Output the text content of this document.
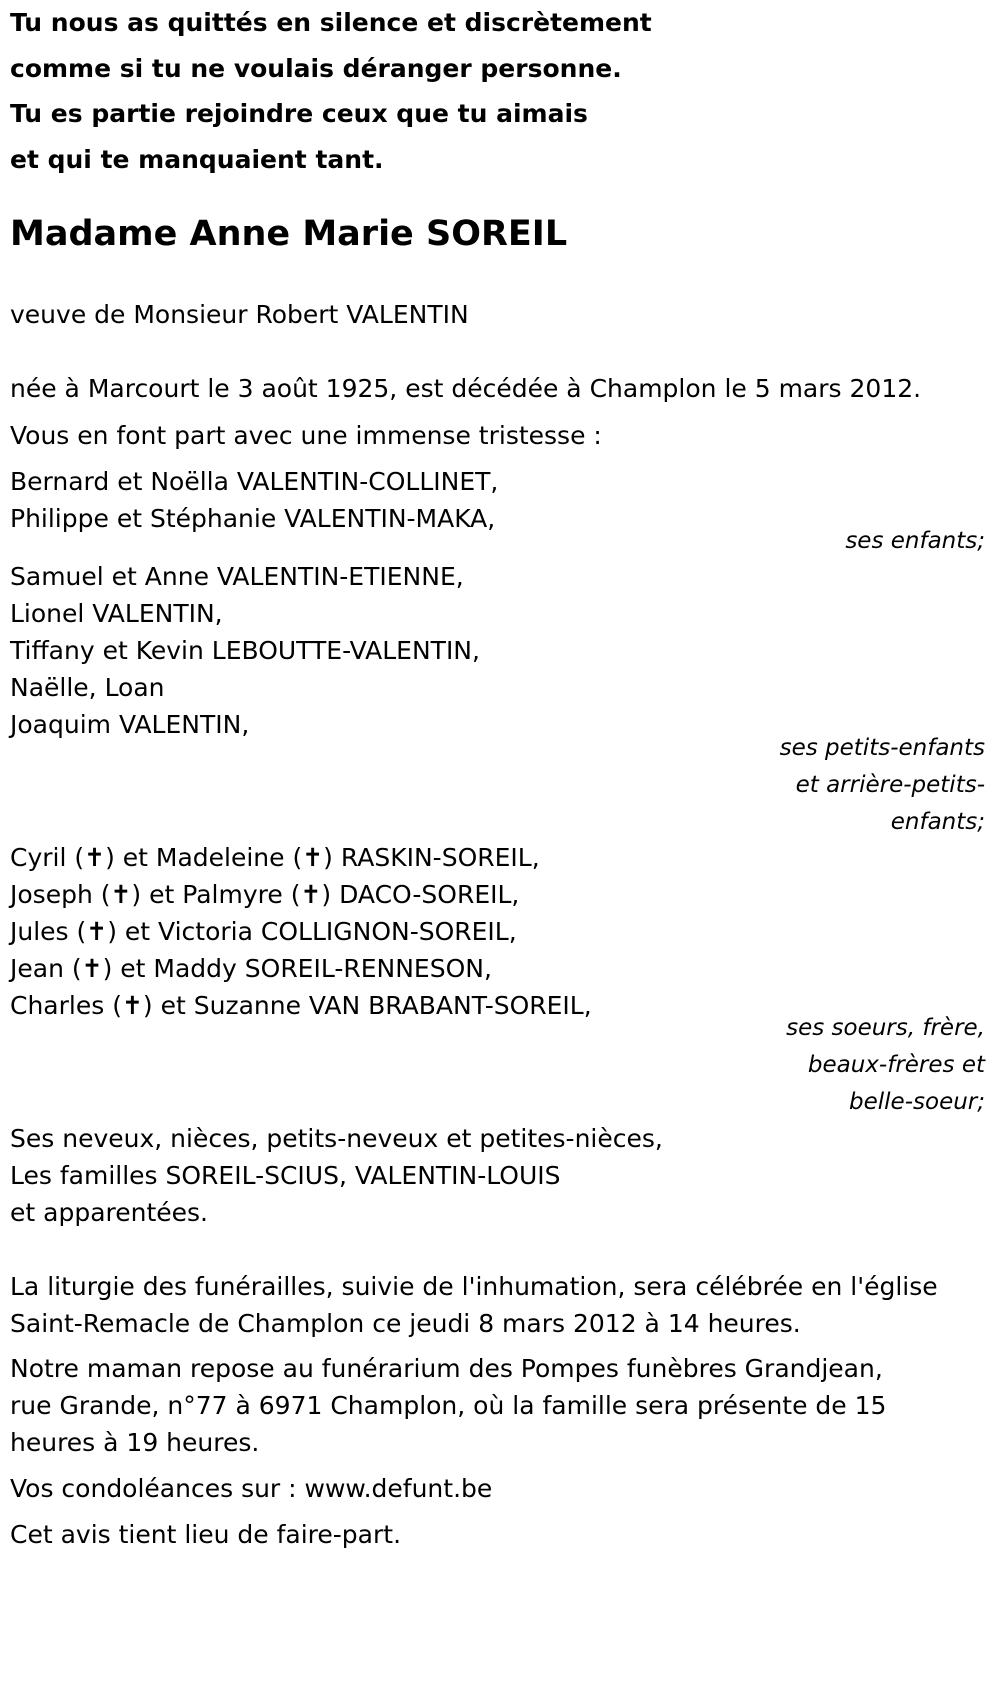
Tu nous as quittés en silence et discrètement
comme si tu ne voulais déranger personne.
Tu es partie rejoindre ceux que tu aimais
et qui te manquaient tant.
Madame Anne Marie SOREIL
veuve de Monsieur Robert VALENTIN
née à Marcourt le 3 août 1925, est décédée à Champlon le 5 mars 2012.
Vous en font part avec une immense tristesse :
Bernard et Noëlla VALENTIN-COLLINET,
Philippe et Stéphanie VALENTIN-MAKA,
ses enfants;
Samuel et Anne VALENTIN-ETIENNE,
Lionel VALENTIN,
Tiffany et Kevin LEBOUTTE-VALENTIN,
Naëlle, Loan
Joaquim VALENTIN,
ses petits-enfants
et arrière-petits-
enfants;
Cyril (✝) et Madeleine (✝) RASKIN-SOREIL,
Joseph (✝) et Palmyre (✝) DACO-SOREIL,
Jules (✝) et Victoria COLLIGNON-SOREIL,
Jean (✝) et Maddy SOREIL-RENNESON,
Charles (✝) et Suzanne VAN BRABANT-SOREIL,
ses soeurs, frère,
beaux-frères et
belle-soeur;
Ses neveux, nièces, petits-neveux et petites-nièces,
Les familles SOREIL-SCIUS, VALENTIN-LOUIS
et apparentées.
La liturgie des funérailles, suivie de l'inhumation, sera célébrée en l'église
Saint-Remacle de Champlon ce jeudi 8 mars 2012 à 14 heures.
Notre maman repose au funérarium des Pompes funèbres Grandjean,
rue Grande, n°77 à 6971 Champlon, où la famille sera présente de 15
heures à 19 heures.
Vos condoléances sur : www.defunt.be
Cet avis tient lieu de faire-part.
